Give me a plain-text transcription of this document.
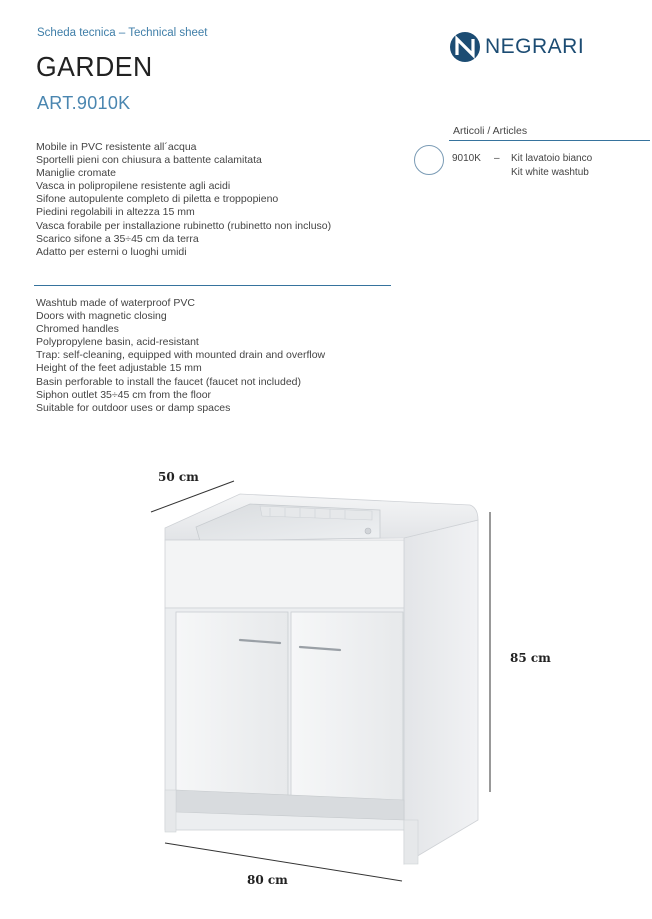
Scheda tecnica – Technical sheet
GARDEN
ART.9010K
NEGRARI
Articoli / Articles
9010K – Kit lavatoio bianco
Kit white washtub
Mobile in PVC resistente all´acqua
Sportelli pieni con chiusura a battente calamitata
Maniglie cromate
Vasca in polipropilene resistente agli acidi
Sifone autopulente completo di piletta e troppopieno
Piedini regolabili in altezza 15 mm
Vasca forabile per installazione rubinetto (rubinetto non incluso)
Scarico sifone a 35÷45 cm da terra
Adatto per esterni o luoghi umidi
Washtub made of waterproof PVC
Doors with magnetic closing
Chromed handles
Polypropylene basin, acid-resistant
Trap: self-cleaning, equipped with mounted drain and overflow
Height of the feet adjustable 15 mm
Basin perforable to install the faucet (faucet not included)
Siphon outlet 35÷45 cm from the floor
Suitable for outdoor uses or damp spaces
50 cm
85 cm
80 cm
